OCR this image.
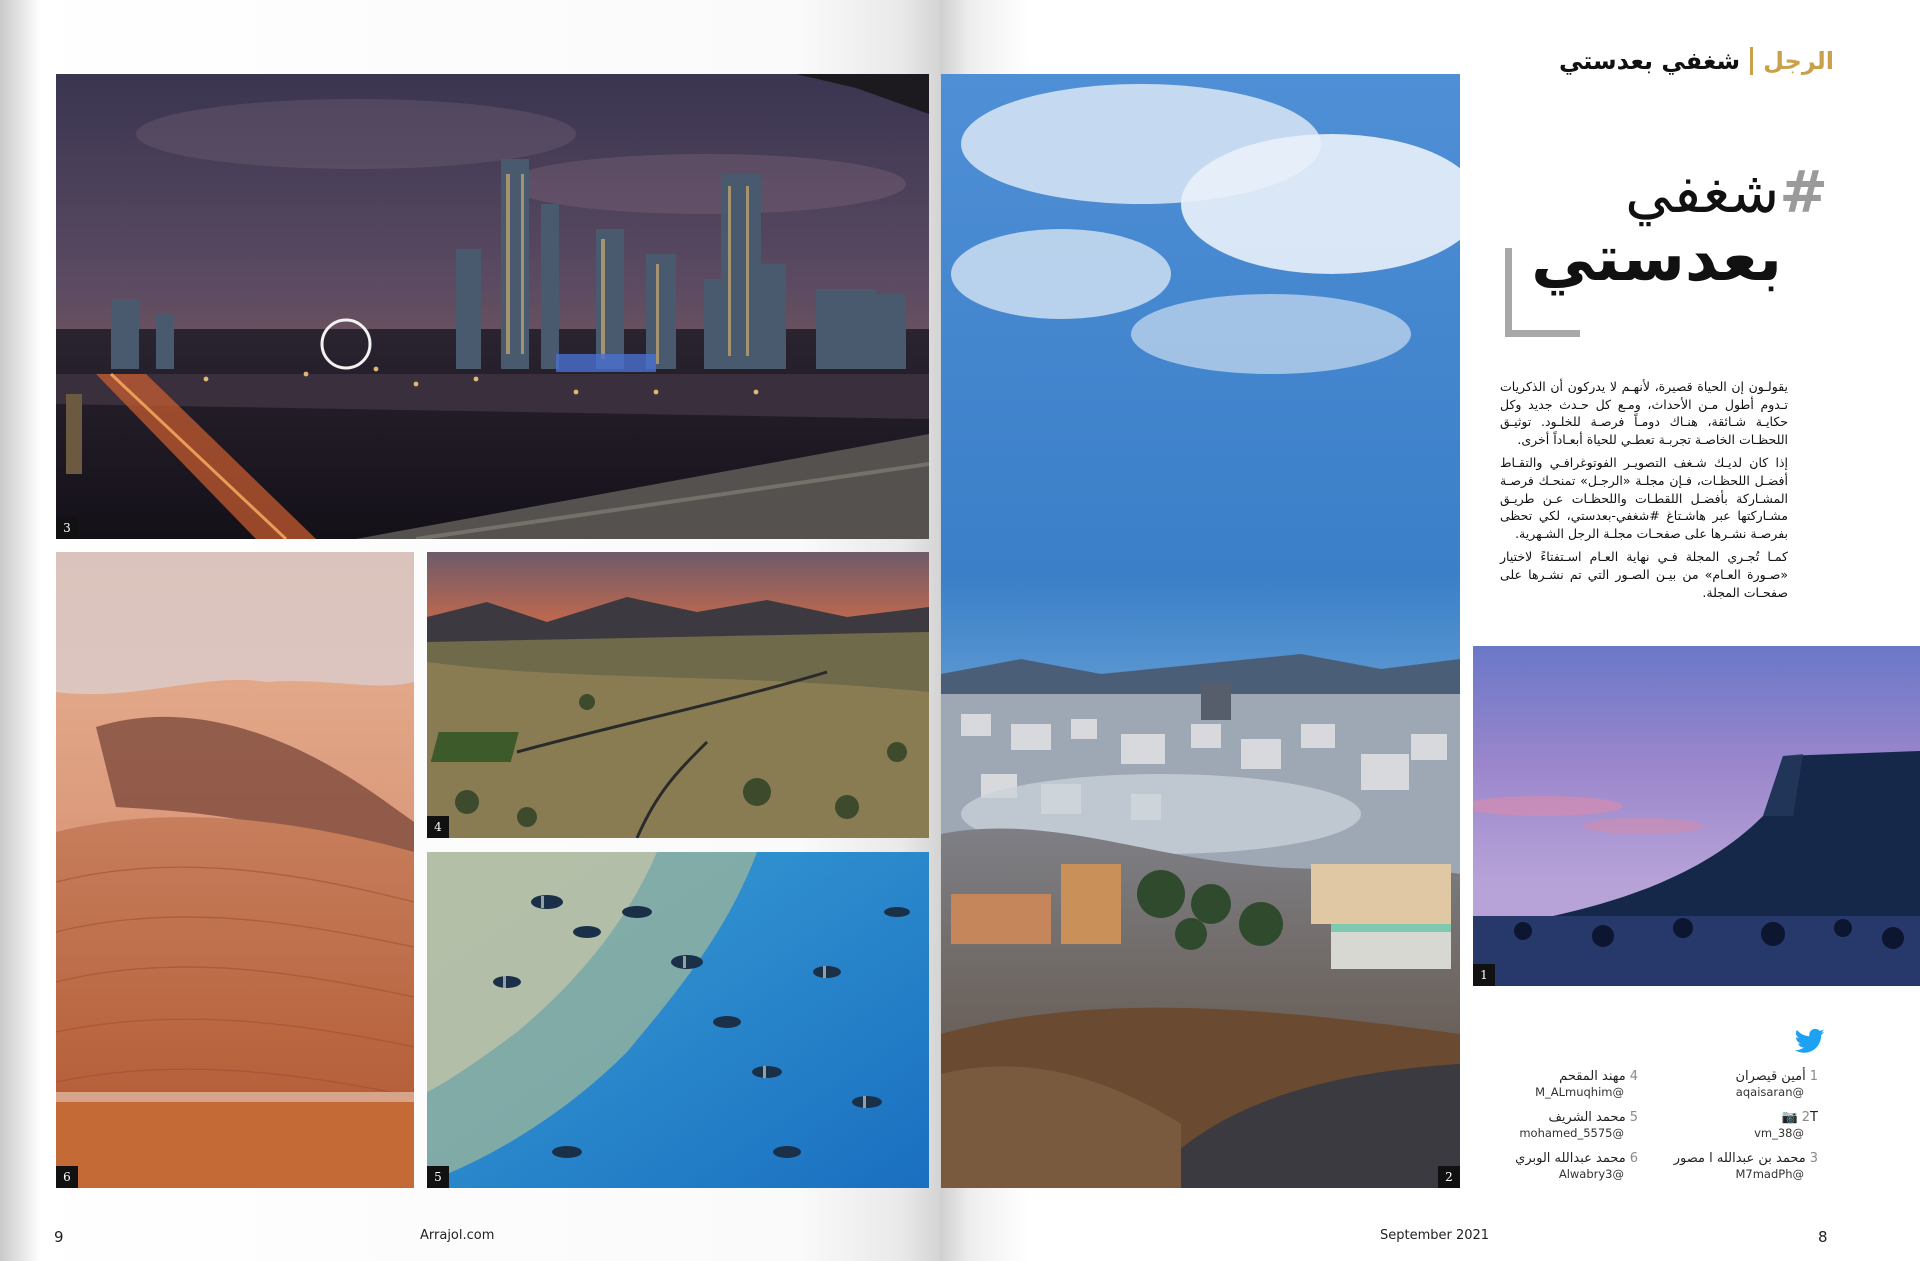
3
6
4
5	2
1
شغفي بعدستي الرجل
#شغفي
بعدستي

يقولـون إن الحياة قصيرة، لأنهـم لا يدركون أن الذكريات تـدوم أطول مـن الأحداث، ومـع كل حـدث جديد وكل حكايـة شـائقة، هنـاك دومـاً فرصـة للخلـود. توثيـق اللحظـات الخاصـة تجربـة تعطـي للحياة أبعـاداً أخرى.

إذا كان لديـك شـغف التصويـر الفوتوغرافـي والتقـاط أفضـل اللحظـات، فـإن مجلـة «الرجـل» تمنحـك فرصـة المشـاركة بأفضـل اللقطـات واللحظـات عـن طريـق مشـاركتها عبر هاشـتاغ #شغفي-بعدستي، لكي تحظى بفرصـة نشـرها على صفحـات مجلـة الرجل الشـهرية.

كمـا تُجـري المجلة فـي نهاية العـام اسـتفتاءً لاختيار «صـورة العـام» من بيـن الصـور التي تم نشـرها على صفحـات المجلة.

1أمين قيصران
@aqaisaran
2T📷
@vm_38
3محمد بن عبدالله ا مصور
@M7madPh
4مهند المقحم
@M_ALmuqhim
5محمد الشريف
@mohamed_5575
6محمد عبدالله الوبري
@Alwabry3
9	Arrajol.com	September 2021	8
